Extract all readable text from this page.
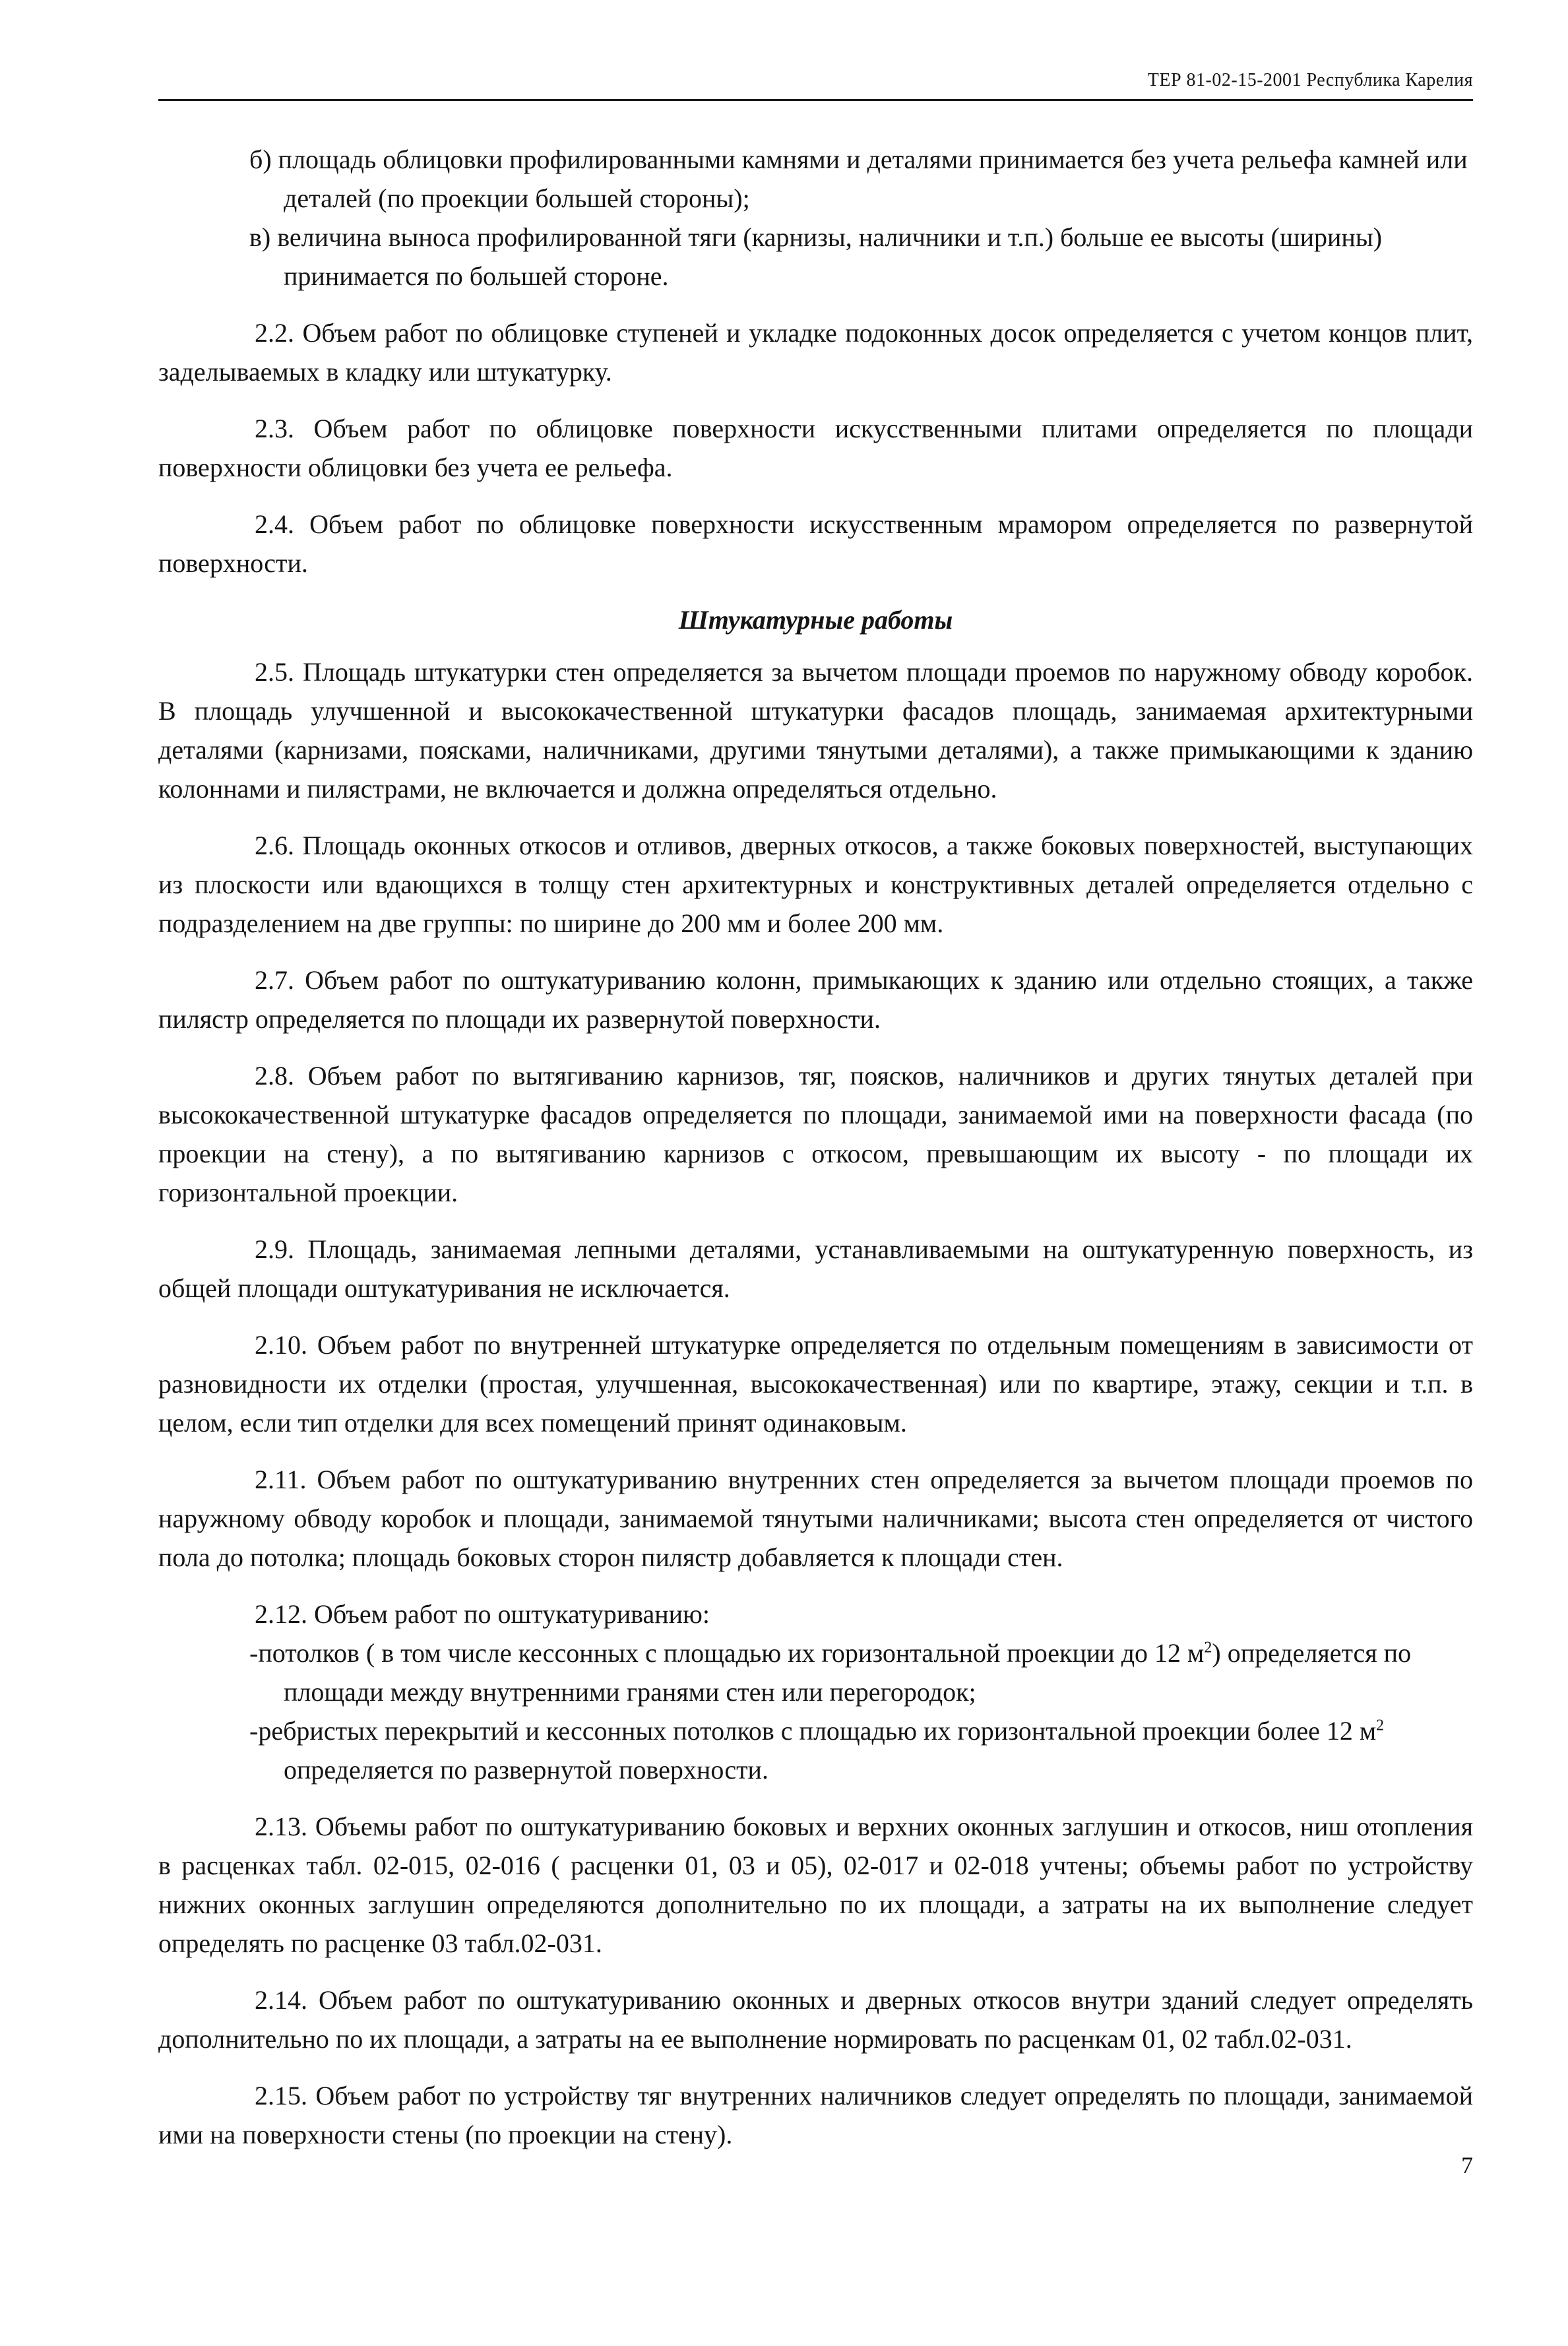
ТЕР 81-02-15-2001 Республика Карелия

б) площадь облицовки профилированными камнями и деталями принимается без учета рельефа камней или деталей (по проекции большей стороны);

в) величина выноса профилированной тяги (карнизы, наличники и т.п.) больше ее высоты (ширины) принимается по большей стороне.

2.2. Объем работ по облицовке ступеней и укладке подоконных досок определяется с учетом концов плит, заделываемых в кладку или штукатурку.

2.3. Объем работ по облицовке поверхности искусственными плитами определяется по площади поверхности облицовки без учета ее рельефа.

2.4. Объем работ по облицовке поверхности искусственным мрамором определяется по развернутой поверхности.

Штукатурные работы

2.5. Площадь штукатурки стен определяется за вычетом площади проемов по наружному обводу коробок. В площадь улучшенной и высококачественной штукатурки фасадов площадь, занимаемая архитектурными деталями (карнизами, поясками, наличниками, другими тянутыми деталями), а также примыкающими к зданию колоннами и пилястрами, не включается и должна определяться отдельно.

2.6. Площадь оконных откосов и отливов, дверных откосов, а также боковых поверхностей, выступающих из плоскости или вдающихся в толщу стен архитектурных и конструктивных деталей определяется отдельно с подразделением на две группы: по ширине до 200 мм и более 200 мм.

2.7. Объем работ по оштукатуриванию колонн, примыкающих к зданию или отдельно стоящих, а также пилястр определяется по площади их развернутой поверхности.

2.8. Объем работ по вытягиванию карнизов, тяг, поясков, наличников и других тянутых деталей при высококачественной штукатурке фасадов определяется по площади, занимаемой ими на поверхности фасада (по проекции на стену), а по вытягиванию карнизов с откосом, превышающим их высоту - по площади их горизонтальной проекции.

2.9. Площадь, занимаемая лепными деталями, устанавливаемыми на оштукатуренную поверхность, из общей площади оштукатуривания не исключается.

2.10. Объем работ по внутренней штукатурке определяется по отдельным помещениям в зависимости от разновидности их отделки (простая, улучшенная, высококачественная) или по квартире, этажу, секции и т.п. в целом, если тип отделки для всех помещений принят одинаковым.

2.11. Объем работ по оштукатуриванию внутренних стен определяется за вычетом площади проемов по наружному обводу коробок и площади, занимаемой тянутыми наличниками; высота стен определяется от чистого пола до потолка; площадь боковых сторон пилястр добавляется к площади стен.

2.12. Объем работ по оштукатуриванию:

-потолков ( в том числе кессонных с площадью их горизонтальной проекции до 12 $м^2$) определяется по площади между внутренними гранями стен или перегородок;

-ребристых перекрытий и кессонных потолков с площадью их горизонтальной проекции более 12 $м^2$ определяется по развернутой поверхности.

2.13. Объемы работ по оштукатуриванию боковых и верхних оконных заглушин и откосов, ниш отопления в расценках табл. 02-015, 02-016 ( расценки 01, 03 и 05), 02-017 и 02-018 учтены; объемы работ по устройству нижних оконных заглушин определяются дополнительно по их площади, а затраты на их выполнение следует определять по расценке 03 табл.02-031.

2.14. Объем работ по оштукатуриванию оконных и дверных откосов внутри зданий следует определять дополнительно по их площади, а затраты на ее выполнение нормировать по расценкам 01, 02 табл.02-031.

2.15. Объем работ по устройству тяг внутренних наличников следует определять по площади, занимаемой ими на поверхности стены (по проекции на стену).

7
